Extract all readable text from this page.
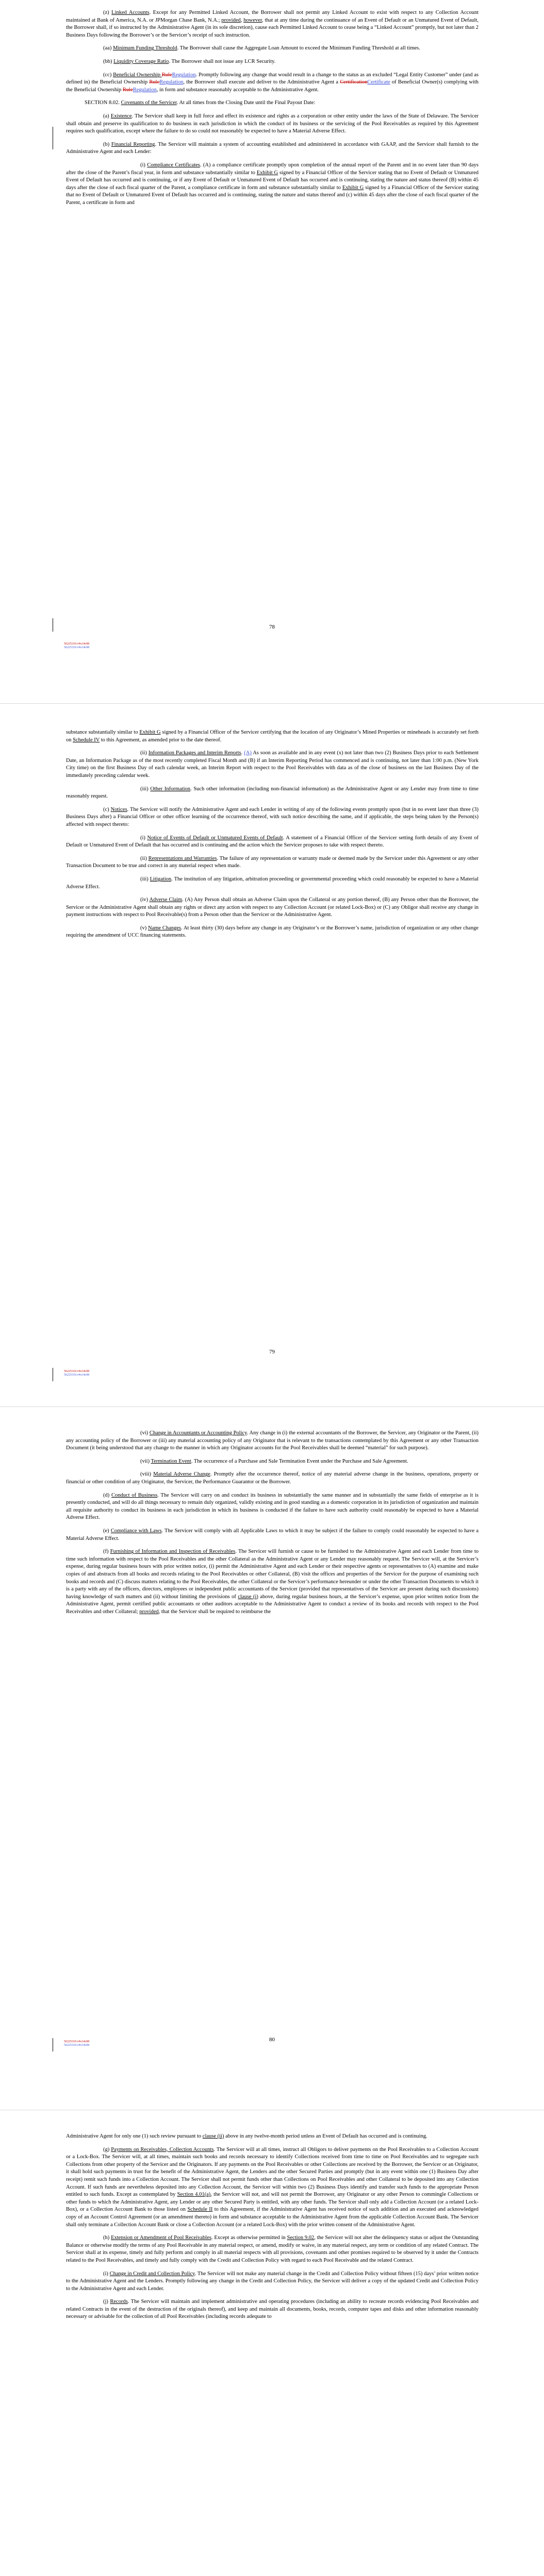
(z) Linked Accounts. Except for any Permitted Linked Account, the Borrower shall not permit any Linked Account to exist with respect to any Collection Account maintained at Bank of America, N.A. or JPMorgan Chase Bank, N.A.; provided, however, that at any time during the continuance of an Event of Default or an Unmatured Event of Default, the Borrower shall, if so instructed by the Administrative Agent (in its sole discretion), cause each Permitted Linked Account to cease being a “Linked Account” promptly, but not later than 2 Business Days following the Borrower’s or the Servicer’s receipt of such instruction.

(aa) Minimum Funding Threshold. The Borrower shall cause the Aggregate Loan Amount to exceed the Minimum Funding Threshold at all times.

(bb) Liquidity Coverage Ratio. The Borrower shall not issue any LCR Security.

(cc) Beneficial Ownership RuleRegulation. Promptly following any change that would result in a change to the status as an excluded “Legal Entity Customer” under (and as defined in) the Beneficial Ownership RuleRegulation, the Borrower shall execute and deliver to the Administrative Agent a CertificationCertificate of Beneficial Owner(s) complying with the Beneficial Ownership RuleRegulation, in form and substance reasonably acceptable to the Administrative Agent.

SECTION 8.02. Covenants of the Servicer. At all times from the Closing Date until the Final Payout Date:

(a) Existence. The Servicer shall keep in full force and effect its existence and rights as a corporation or other entity under the laws of the State of Delaware. The Servicer shall obtain and preserve its qualification to do business in each jurisdiction in which the conduct of its business or the servicing of the Pool Receivables as required by this Agreement requires such qualification, except where the failure to do so could not reasonably be expected to have a Material Adverse Effect.

(b) Financial Reporting. The Servicer will maintain a system of accounting established and administered in accordance with GAAP, and the Servicer shall furnish to the Administrative Agent and each Lender:

(i) Compliance Certificates. (A) a compliance certificate promptly upon completion of the annual report of the Parent and in no event later than 90 days after the close of the Parent’s fiscal year, in form and substance substantially similar to Exhibit G signed by a Financial Officer of the Servicer stating that no Event of Default or Unmatured Event of Default has occurred and is continuing, or if any Event of Default or Unmatured Event of Default has occurred and is continuing, stating the nature and status thereof (B) within 45 days after the close of each fiscal quarter of the Parent, a compliance certificate in form and substance substantially similar to Exhibit G signed by a Financial Officer of the Servicer stating that no Event of Default or Unmatured Event of Default has occurred and is continuing, stating the nature and status thereof and (c) within 45 days after the close of each fiscal quarter of the Parent, a certificate in form and

78
56225310.v#x14c08
56225310.v#x14c08

substance substantially similar to Exhibit G signed by a Financial Officer of the Servicer certifying that the location of any Originator’s Mined Properties or mineheads is accurately set forth on Schedule IV to this Agreement, as amended prior to the date thereof.

(ii) Information Packages and Interim Reports. (A) As soon as available and in any event (x) not later than two (2) Business Days prior to each Settlement Date, an Information Package as of the most recently completed Fiscal Month and (B) if an Interim Reporting Period has commenced and is continuing, not later than 1:00 p.m. (New York City time) on the first Business Day of each calendar week, an Interim Report with respect to the Pool Receivables with data as of the close of business on the last Business Day of the immediately preceding calendar week.

(iii) Other Information. Such other information (including non-financial information) as the Administrative Agent or any Lender may from time to time reasonably request.

(c) Notices. The Servicer will notify the Administrative Agent and each Lender in writing of any of the following events promptly upon (but in no event later than three (3) Business Days after) a Financial Officer or other officer learning of the occurrence thereof, with such notice describing the same, and if applicable, the steps being taken by the Person(s) affected with respect thereto:

(i) Notice of Events of Default or Unmatured Events of Default. A statement of a Financial Officer of the Servicer setting forth details of any Event of Default or Unmatured Event of Default that has occurred and is continuing and the action which the Servicer proposes to take with respect thereto.

(ii) Representations and Warranties. The failure of any representation or warranty made or deemed made by the Servicer under this Agreement or any other Transaction Document to be true and correct in any material respect when made.

(iii) Litigation. The institution of any litigation, arbitration proceeding or governmental proceeding which could reasonably be expected to have a Material Adverse Effect.

(iv) Adverse Claim. (A) Any Person shall obtain an Adverse Claim upon the Collateral or any portion thereof, (B) any Person other than the Borrower, the Servicer or the Administrative Agent shall obtain any rights or direct any action with respect to any Collection Account (or related Lock-Box) or (C) any Obligor shall receive any change in payment instructions with respect to Pool Receivable(s) from a Person other than the Servicer or the Administrative Agent.

(v) Name Changes. At least thirty (30) days before any change in any Originator’s or the Borrower’s name, jurisdiction of organization or any other change requiring the amendment of UCC financing statements.

79
56225310.v#x14c08
56225310.v#x14c08

(vi) Change in Accountants or Accounting Policy. Any change in (i) the external accountants of the Borrower, the Servicer, any Originator or the Parent, (ii) any accounting policy of the Borrower or (iii) any material accounting policy of any Originator that is relevant to the transactions contemplated by this Agreement or any other Transaction Document (it being understood that any change to the manner in which any Originator accounts for the Pool Receivables shall be deemed “material” for such purpose).

(vii) Termination Event. The occurrence of a Purchase and Sale Termination Event under the Purchase and Sale Agreement.

(viii) Material Adverse Change. Promptly after the occurrence thereof, notice of any material adverse change in the business, operations, property or financial or other condition of any Originator, the Servicer, the Performance Guarantor or the Borrower.

(d) Conduct of Business. The Servicer will carry on and conduct its business in substantially the same manner and in substantially the same fields of enterprise as it is presently conducted, and will do all things necessary to remain duly organized, validly existing and in good standing as a domestic corporation in its jurisdiction of organization and maintain all requisite authority to conduct its business in each jurisdiction in which its business is conducted if the failure to have such authority could reasonably be expected to have a Material Adverse Effect.

(e) Compliance with Laws. The Servicer will comply with all Applicable Laws to which it may be subject if the failure to comply could reasonably be expected to have a Material Adverse Effect.

(f) Furnishing of Information and Inspection of Receivables. The Servicer will furnish or cause to be furnished to the Administrative Agent and each Lender from time to time such information with respect to the Pool Receivables and the other Collateral as the Administrative Agent or any Lender may reasonably request. The Servicer will, at the Servicer’s expense, during regular business hours with prior written notice, (i) permit the Administrative Agent and each Lender or their respective agents or representatives to (A) examine and make copies of and abstracts from all books and records relating to the Pool Receivables or other Collateral, (B) visit the offices and properties of the Servicer for the purpose of examining such books and records and (C) discuss matters relating to the Pool Receivables, the other Collateral or the Servicer’s performance hereunder or under the other Transaction Documents to which it is a party with any of the officers, directors, employees or independent public accountants of the Servicer (provided that representatives of the Servicer are present during such discussions) having knowledge of such matters and (ii) without limiting the provisions of clause (i) above, during regular business hours, at the Servicer’s expense, upon prior written notice from the Administrative Agent, permit certified public accountants or other auditors acceptable to the Administrative Agent to conduct a review of its books and records with respect to the Pool Receivables and other Collateral; provided, that the Servicer shall be required to reimburse the

80
56225310.v#x14c08
56225310.v#x14c08

Administrative Agent for only one (1) such review pursuant to clause (ii) above in any twelve-month period unless an Event of Default has occurred and is continuing.

(g) Payments on Receivables, Collection Accounts. The Servicer will at all times, instruct all Obligors to deliver payments on the Pool Receivables to a Collection Account or a Lock-Box. The Servicer will, at all times, maintain such books and records necessary to identify Collections received from time to time on Pool Receivables and to segregate such Collections from other property of the Servicer and the Originators. If any payments on the Pool Receivables or other Collections are received by the Borrower, the Servicer or an Originator, it shall hold such payments in trust for the benefit of the Administrative Agent, the Lenders and the other Secured Parties and promptly (but in any event within one (1) Business Day after receipt) remit such funds into a Collection Account. The Servicer shall not permit funds other than Collections on Pool Receivables and other Collateral to be deposited into any Collection Account. If such funds are nevertheless deposited into any Collection Account, the Servicer will within two (2) Business Days identify and transfer such funds to the appropriate Person entitled to such funds. Except as contemplated by Section 4.01(a), the Servicer will not, and will not permit the Borrower, any Originator or any other Person to commingle Collections or other funds to which the Administrative Agent, any Lender or any other Secured Party is entitled, with any other funds. The Servicer shall only add a Collection Account (or a related Lock-Box), or a Collection Account Bank to those listed on Schedule II to this Agreement, if the Administrative Agent has received notice of such addition and an executed and acknowledged copy of an Account Control Agreement (or an amendment thereto) in form and substance acceptable to the Administrative Agent from the applicable Collection Account Bank. The Servicer shall only terminate a Collection Account Bank or close a Collection Account (or a related Lock-Box) with the prior written consent of the Administrative Agent.

(h) Extension or Amendment of Pool Receivables. Except as otherwise permitted in Section 9.02, the Servicer will not alter the delinquency status or adjust the Outstanding Balance or otherwise modify the terms of any Pool Receivable in any material respect, or amend, modify or waive, in any material respect, any term or condition of any related Contract. The Servicer shall at its expense, timely and fully perform and comply in all material respects with all provisions, covenants and other promises required to be observed by it under the Contracts related to the Pool Receivables, and timely and fully comply with the Credit and Collection Policy with regard to each Pool Receivable and the related Contract.

(i) Change in Credit and Collection Policy. The Servicer will not make any material change in the Credit and Collection Policy without fifteen (15) days’ prior written notice to the Administrative Agent and the Lenders. Promptly following any change in the Credit and Collection Policy, the Servicer will deliver a copy of the updated Credit and Collection Policy to the Administrative Agent and each Lender.

(j) Records. The Servicer will maintain and implement administrative and operating procedures (including an ability to recreate records evidencing Pool Receivables and related Contracts in the event of the destruction of the originals thereof), and keep and maintain all documents, books, records, computer tapes and disks and other information reasonably necessary or advisable for the collection of all Pool Receivables (including records adequate to
